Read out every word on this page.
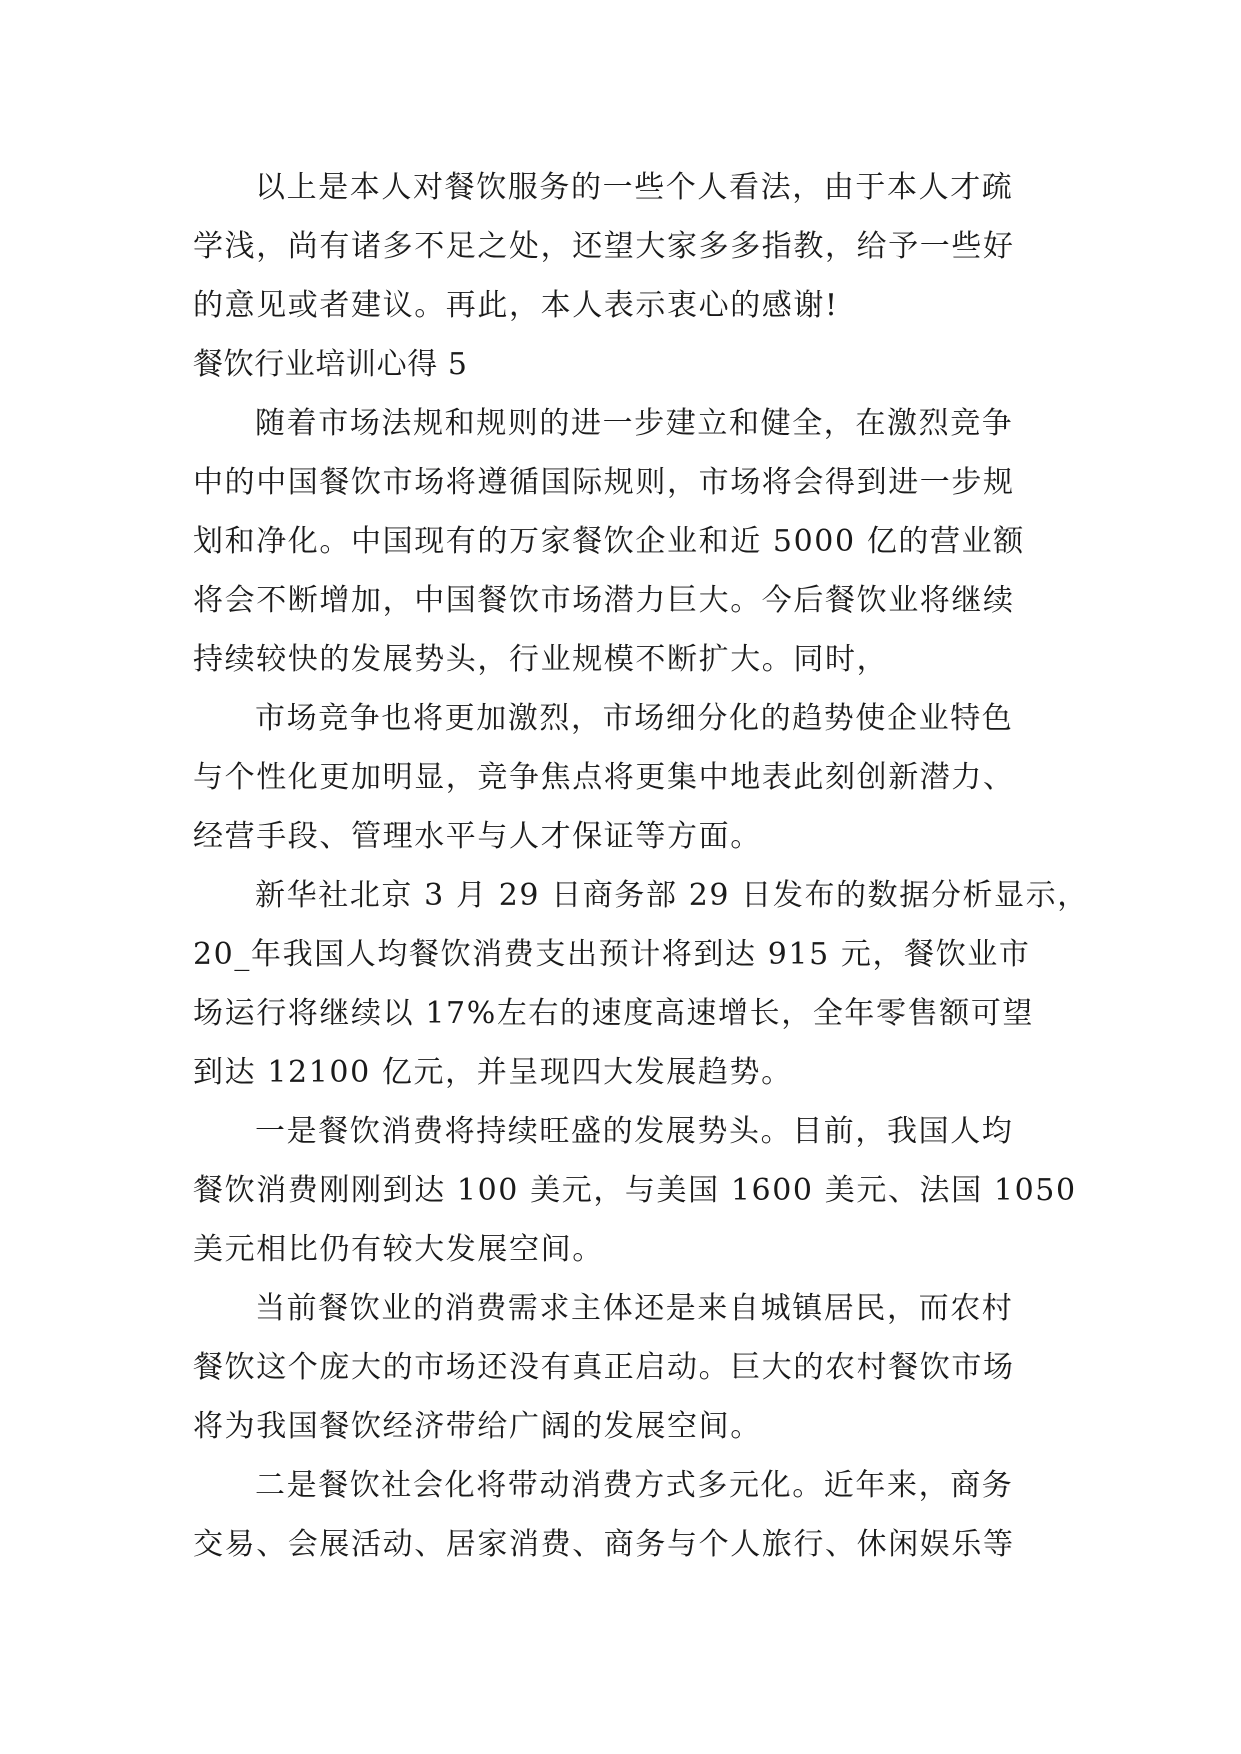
以上是本人对餐饮服务的一些个人看法，由于本人才疏
学浅，尚有诸多不足之处，还望大家多多指教，给予一些好
的意见或者建议。再此，本人表示衷心的感谢!
餐饮行业培训心得 5
随着市场法规和规则的进一步建立和健全，在激烈竞争
中的中国餐饮市场将遵循国际规则，市场将会得到进一步规
划和净化。中国现有的万家餐饮企业和近 5000 亿的营业额
将会不断增加，中国餐饮市场潜力巨大。今后餐饮业将继续
持续较快的发展势头，行业规模不断扩大。同时，
市场竞争也将更加激烈，市场细分化的趋势使企业特色
与个性化更加明显，竞争焦点将更集中地表此刻创新潜力、
经营手段、管理水平与人才保证等方面。
新华社北京 3 月 29 日商务部 29 日发布的数据分析显示，
20_年我国人均餐饮消费支出预计将到达 915 元，餐饮业市
场运行将继续以 17%左右的速度高速增长，全年零售额可望
到达 12100 亿元，并呈现四大发展趋势。
一是餐饮消费将持续旺盛的发展势头。目前，我国人均
餐饮消费刚刚到达 100 美元，与美国 1600 美元、法国 1050
美元相比仍有较大发展空间。
当前餐饮业的消费需求主体还是来自城镇居民，而农村
餐饮这个庞大的市场还没有真正启动。巨大的农村餐饮市场
将为我国餐饮经济带给广阔的发展空间。
二是餐饮社会化将带动消费方式多元化。近年来，商务
交易、会展活动、居家消费、商务与个人旅行、休闲娱乐等
